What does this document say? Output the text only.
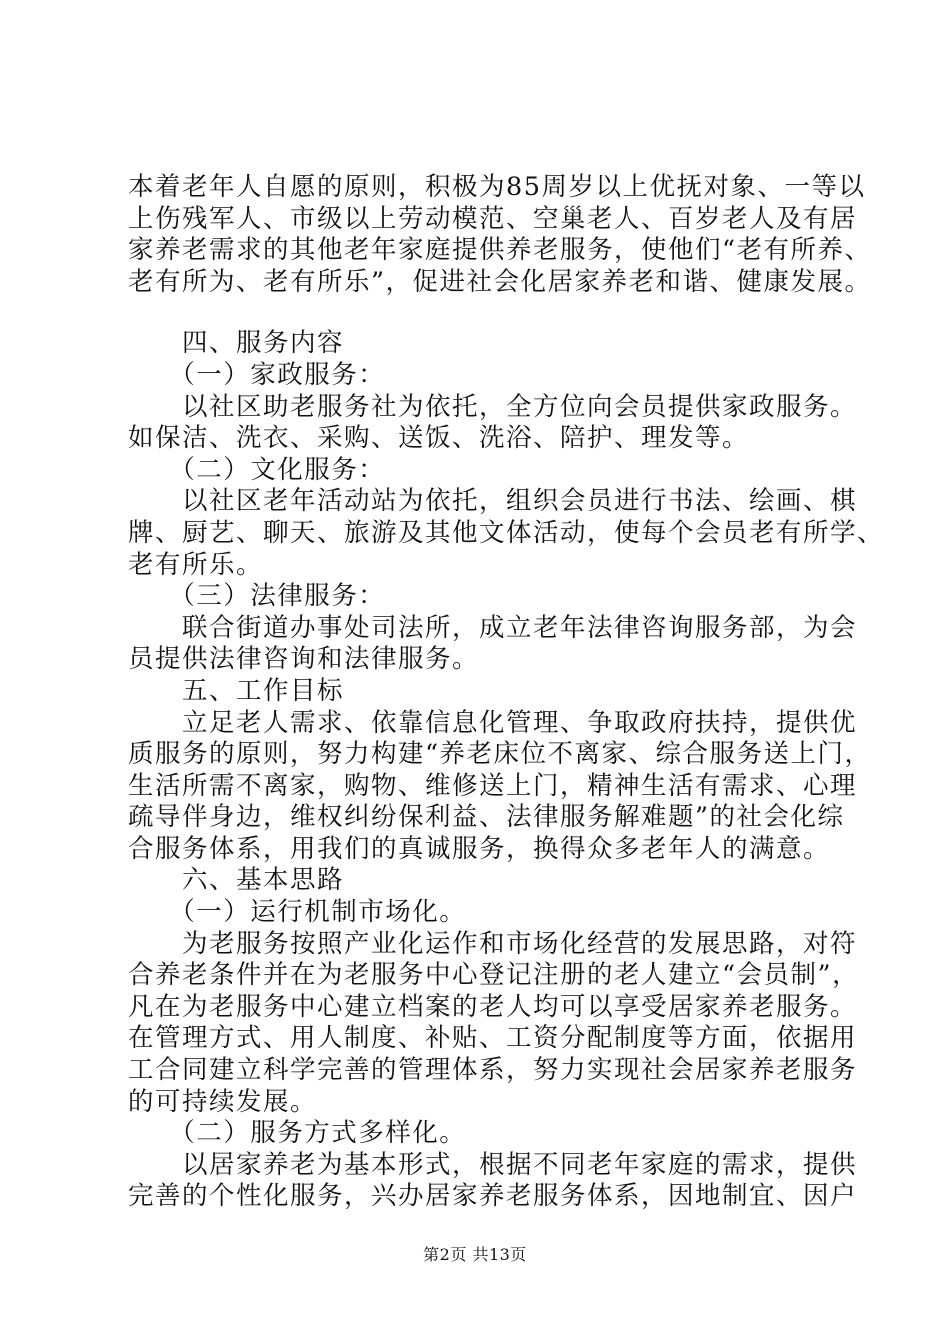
本着老年人自愿的原则，积极为85周岁以上优抚对象、一等以

上伤残军人、市级以上劳动模范、空巢老人、百岁老人及有居

家养老需求的其他老年家庭提供养老服务，使他们“老有所养、

老有所为、老有所乐”，促进社会化居家养老和谐、健康发展。

　　四、服务内容

　　（一）家政服务：

　　以社区助老服务社为依托，全方位向会员提供家政服务。

如保洁、洗衣、采购、送饭、洗浴、陪护、理发等。

　　（二）文化服务：

　　以社区老年活动站为依托，组织会员进行书法、绘画、棋

牌、厨艺、聊天、旅游及其他文体活动，使每个会员老有所学、

老有所乐。

　　（三）法律服务：

　　联合街道办事处司法所，成立老年法律咨询服务部，为会

员提供法律咨询和法律服务。

　　五、工作目标

　　立足老人需求、依靠信息化管理、争取政府扶持，提供优

质服务的原则，努力构建“养老床位不离家、综合服务送上门，

生活所需不离家，购物、维修送上门，精神生活有需求、心理

疏导伴身边，维权纠纷保利益、法律服务解难题”的社会化综

合服务体系，用我们的真诚服务，换得众多老年人的满意。

　　六、基本思路

　　（一）运行机制市场化。

　　为老服务按照产业化运作和市场化经营的发展思路，对符

合养老条件并在为老服务中心登记注册的老人建立“会员制”，

凡在为老服务中心建立档案的老人均可以享受居家养老服务。

在管理方式、用人制度、补贴、工资分配制度等方面，依据用

工合同建立科学完善的管理体系，努力实现社会居家养老服务

的可持续发展。

　　（二）服务方式多样化。

　　以居家养老为基本形式，根据不同老年家庭的需求，提供

完善的个性化服务，兴办居家养老服务体系，因地制宜、因户

第2页 共13页
